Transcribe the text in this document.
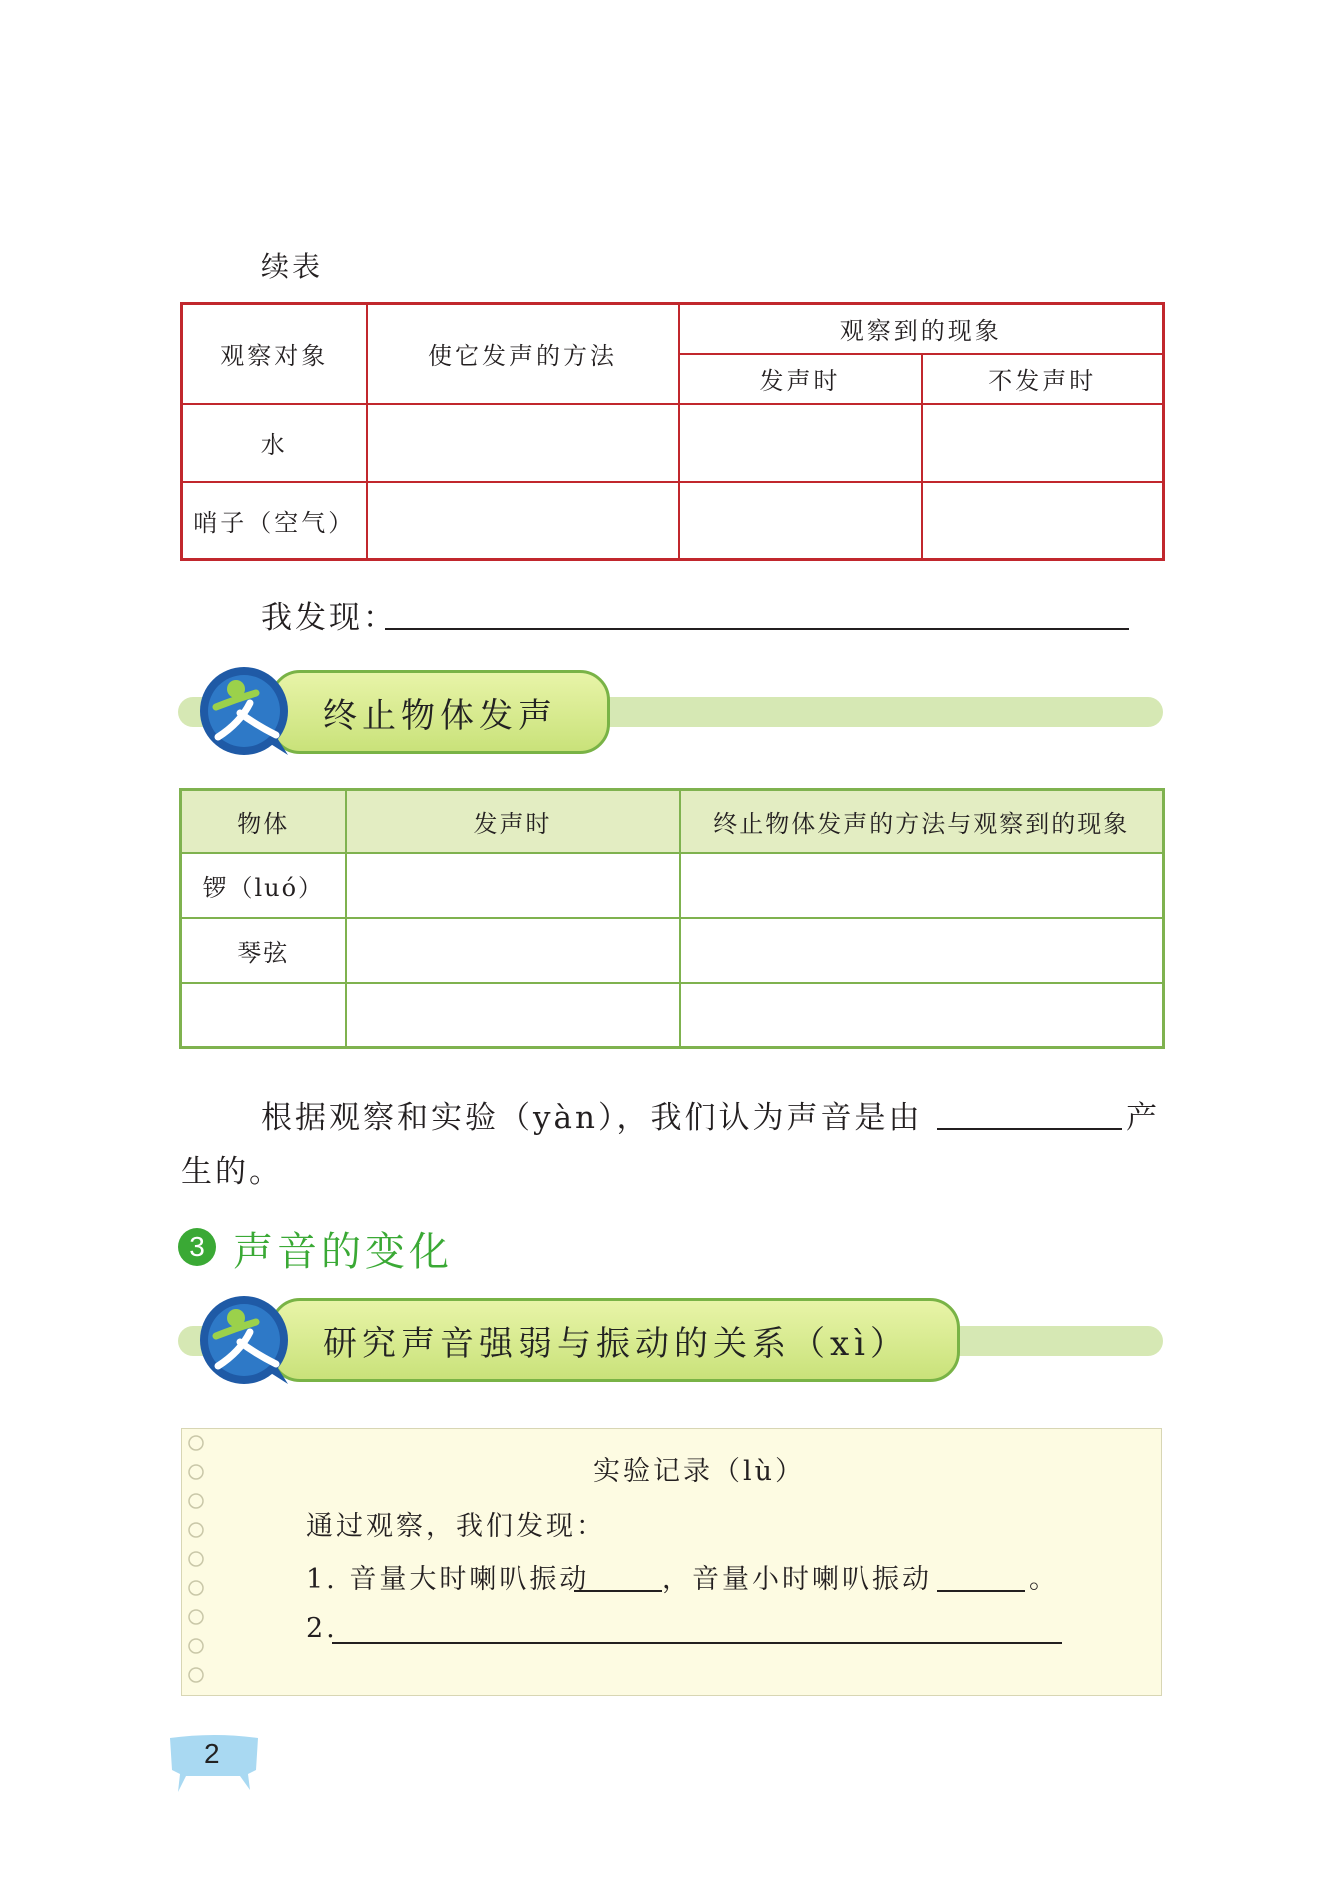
续表
观察对象	使它发声的方法	观察到的现象	
		发声时	不发声时
水			
哨子（空气）			
我发现：
终止物体发声
物体	发声时	终止物体发声的方法与观察到的现象
锣（luó）		
琴弦		

根据观察和实验（yàn），我们认为声音是由	产
生的。
3 声音的变化
研究声音强弱与振动的关系（xì）
实验记录（lù）
通过观察，我们发现：
1. 音量大时喇叭振动	，音量小时喇叭振动	。
2.
2
